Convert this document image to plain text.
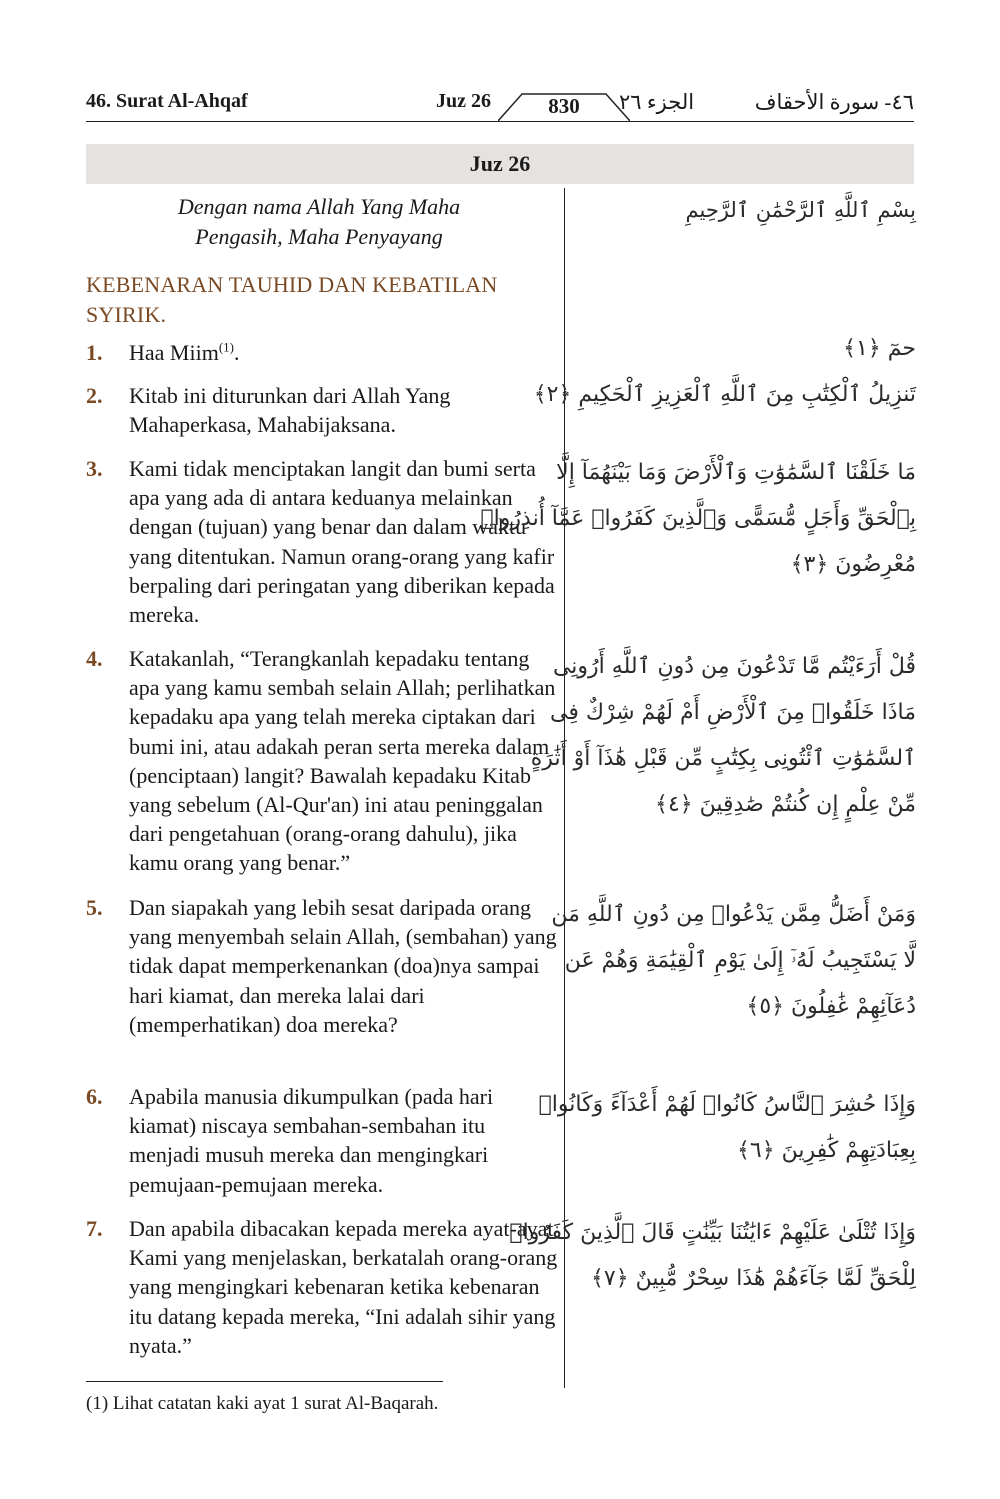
46. Surat Al-Ahqaf	Juz 26	830	الجزء ٢٦	٤٦- سورة الأحقاف
Juz 26
Dengan nama Allah Yang Maha
Pengasih, Maha Penyayang
بِسْمِ ٱللَّهِ ٱلرَّحْمَٰنِ ٱلرَّحِيمِ
KEBENARAN TAUHID DAN KEBATILAN SYIRIK.
1. Haa Miim$^{(1)}$.	حمٓ ﴿١﴾
2. Kitab ini diturunkan dari Allah Yang Mahaperkasa, Mahabijaksana.
تَنزِيلُ ٱلْكِتَٰبِ مِنَ ٱللَّهِ ٱلْعَزِيزِ ٱلْحَكِيمِ ﴿٢﴾
3. Kami tidak menciptakan langit dan bumi serta apa yang ada di antara keduanya melainkan dengan (tujuan) yang benar dan dalam waktu yang ditentukan. Namun orang-orang yang kafir berpaling dari peringatan yang diberikan kepada mereka.
مَا خَلَقْنَا ٱلسَّمَٰوَٰتِ وَٱلْأَرْضَ وَمَا بَيْنَهُمَآ إِلَّا
بِٱلْحَقِّ وَأَجَلٍ مُّسَمًّى وَٱلَّذِينَ كَفَرُوا۟ عَمَّآ أُنذِرُوا۟
مُعْرِضُونَ ﴿٣﴾
4. Katakanlah, “Terangkanlah kepadaku tentang apa yang kamu sembah selain Allah; perlihatkan kepadaku apa yang telah mereka ciptakan dari bumi ini, atau adakah peran serta mereka dalam (penciptaan) langit? Bawalah kepadaku Kitab yang sebelum (Al-Qur'an) ini atau peninggalan dari pengetahuan (orang-orang dahulu), jika kamu orang yang benar.”
قُلْ أَرَءَيْتُم مَّا تَدْعُونَ مِن دُونِ ٱللَّهِ أَرُونِى
مَاذَا خَلَقُوا۟ مِنَ ٱلْأَرْضِ أَمْ لَهُمْ شِرْكٌ فِى
ٱلسَّمَٰوَٰتِ ٱئْتُونِى بِكِتَٰبٍ مِّن قَبْلِ هَٰذَآ أَوْ أَثَٰرَةٍ
مِّنْ عِلْمٍ إِن كُنتُمْ صَٰدِقِينَ ﴿٤﴾
5. Dan siapakah yang lebih sesat daripada orang yang menyembah selain Allah, (sembahan) yang tidak dapat memperkenankan (doa)nya sampai hari kiamat, dan mereka lalai dari (memperhatikan) doa mereka?
وَمَنْ أَضَلُّ مِمَّن يَدْعُوا۟ مِن دُونِ ٱللَّهِ مَن
لَّا يَسْتَجِيبُ لَهُۥٓ إِلَىٰ يَوْمِ ٱلْقِيَٰمَةِ وَهُمْ عَن
دُعَآئِهِمْ غَٰفِلُونَ ﴿٥﴾
6. Apabila manusia dikumpulkan (pada hari kiamat) niscaya sembahan-sembahan itu menjadi musuh mereka dan mengingkari pemujaan-pemujaan mereka.
وَإِذَا حُشِرَ ٱلنَّاسُ كَانُوا۟ لَهُمْ أَعْدَآءً وَكَانُوا۟
بِعِبَادَتِهِمْ كَٰفِرِينَ ﴿٦﴾
7. Dan apabila dibacakan kepada mereka ayat-ayat Kami yang menjelaskan, berkatalah orang-orang yang mengingkari kebenaran ketika kebenaran itu datang kepada mereka, “Ini adalah sihir yang nyata.”
وَإِذَا تُتْلَىٰ عَلَيْهِمْ ءَايَٰتُنَا بَيِّنَٰتٍ قَالَ ٱلَّذِينَ كَفَرُوا۟
لِلْحَقِّ لَمَّا جَآءَهُمْ هَٰذَا سِحْرٌ مُّبِينٌ ﴿٧﴾
(1) Lihat catatan kaki ayat 1 surat Al-Baqarah.
